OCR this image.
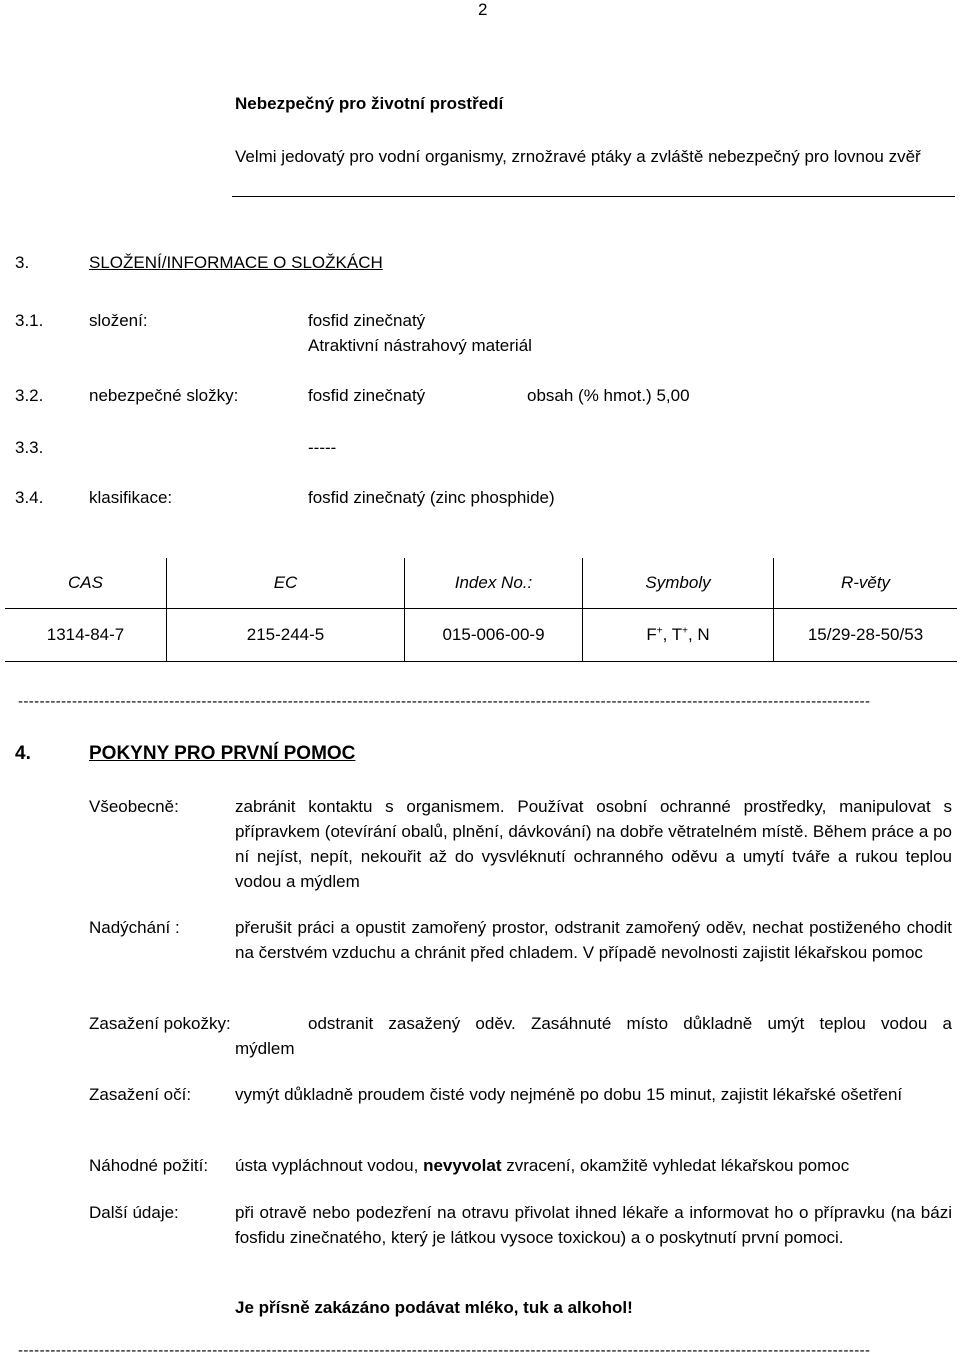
2
Nebezpečný pro životní prostředí
Velmi jedovatý pro vodní organismy, zrnožravé ptáky a zvláště nebezpečný pro lovnou zvěř
3.	SLOŽENÍ/INFORMACE O SLOŽKÁCH
3.1.	složení:	fosfid zinečnatý
Atraktivní nástrahový materiál
3.2.	nebezpečné složky:	fosfid zinečnatý	obsah (% hmot.) 5,00
3.3.	-----
3.4.	klasifikace:	fosfid zinečnatý (zinc phosphide)
CAS	EC	Index No.:	Symboly	R-věty
1314-84-7	215-244-5	015-006-00-9	F+, T+, N	15/29-28-50/53
--------------------------------------------------------------------------------------------------------------------------------------------------------------
4.	POKYNY PRO PRVNÍ POMOC
Všeobecně:	zabránit kontaktu s organismem. Používat osobní ochranné prostředky, manipulovat s přípravkem (otevírání obalů, plnění, dávkování) na dobře větratelném místě. Během práce a po ní nejíst, nepít, nekouřit až do vysvléknutí ochranného oděvu a umytí tváře a rukou teplou vodou a mýdlem
Nadýchání :	přerušit práci a opustit zamořený prostor, odstranit zamořený oděv, nechat postiženého chodit na čerstvém vzduchu a chránit před chladem. V případě nevolnosti zajistit lékařskou pomoc
Zasažení pokožky:	odstranit zasažený oděv. Zasáhnuté místo důkladně umýt teplou vodou a
mýdlem
Zasažení očí:	vymýt důkladně proudem čisté vody nejméně po dobu 15 minut, zajistit lékařské ošetření
Náhodné požití: ústa vypláchnout vodou, nevyvolat zvracení, okamžitě vyhledat lékařskou pomoc
Další údaje:	při otravě nebo podezření na otravu přivolat ihned lékaře a informovat ho o přípravku (na bázi fosfidu zinečnatého, který je látkou vysoce toxickou) a o poskytnutí první pomoci.
Je přísně zakázáno podávat mléko, tuk a alkohol!
--------------------------------------------------------------------------------------------------------------------------------------------------------------
